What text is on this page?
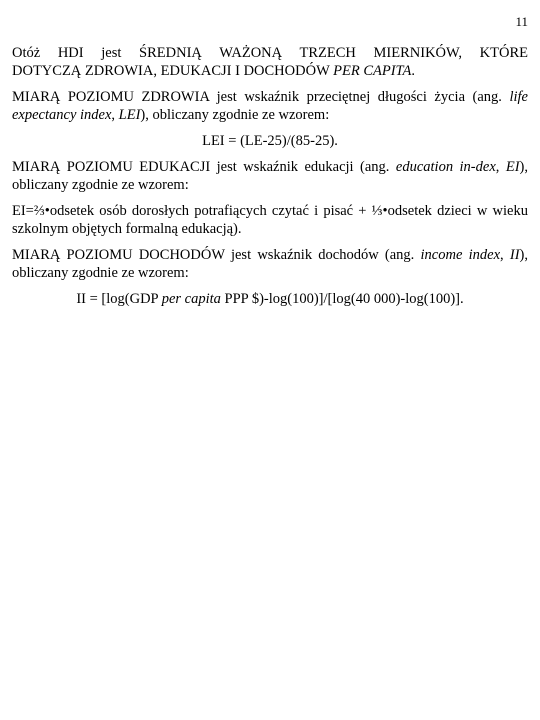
11

Otóż HDI jest ŚREDNIĄ WAŻONĄ TRZECH MIERNIKÓW, KTÓRE
DOTYCZĄ ZDROWIA, EDUKACJI I DOCHODÓW PER CAPITA.

MIARĄ POZIOMU ZDROWIA jest wskaźnik przeciętnej długości życia (ang. life expectancy index, LEI), obliczany zgodnie ze wzorem:

LEI = (LE-25)/(85-25).

MIARĄ POZIOMU EDUKACJI jest wskaźnik edukacji (ang. education in-dex, EI), obliczany zgodnie ze wzorem:

EI=⅔•odsetek osób dorosłych potrafiących czytać i pisać + ⅓•odsetek dzieci w wieku szkolnym objętych formalną edukacją).

MIARĄ POZIOMU DOCHODÓW jest wskaźnik dochodów (ang. income index, II), obliczany zgodnie ze wzorem:

II = [log(GDP per capita PPP $)-log(100)]/[log(40 000)-log(100)].
